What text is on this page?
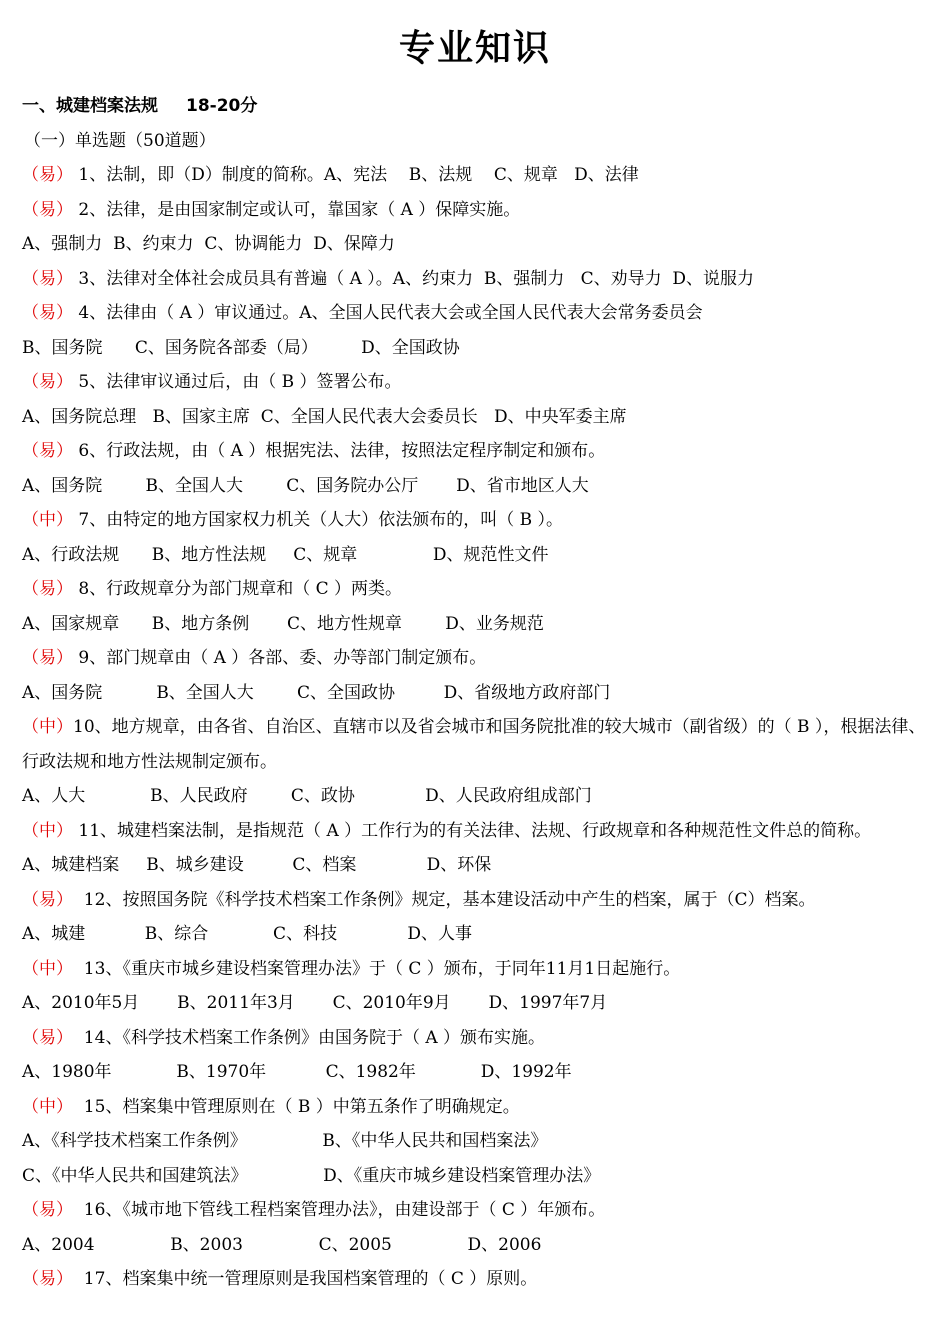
专业知识
一、城建档案法规 18-20分
（一）单选题（50道题）
（易） 1、法制，即（D）制度的简称。A、宪法    B、法规    C、规章   D、法律
（易） 2、法律，是由国家制定或认可，靠国家（ A ）保障实施。
A、强制力  B、约束力  C、协调能力  D、保障力
（易） 3、法律对全体社会成员具有普遍（ A ）。A、约束力  B、强制力   C、劝导力  D、说服力
（易） 4、法律由（ A ）审议通过。A、全国人民代表大会或全国人民代表大会常务委员会
B、国务院      C、国务院各部委（局）        D、全国政协
（易） 5、法律审议通过后，由（ B ）签署公布。
A、国务院总理   B、国家主席  C、全国人民代表大会委员长   D、中央军委主席
（易） 6、行政法规，由（ A ）根据宪法、法律，按照法定程序制定和颁布。
A、国务院        B、全国人大        C、国务院办公厅       D、省市地区人大
（中） 7、由特定的地方国家权力机关（人大）依法颁布的，叫（ B ）。
A、行政法规      B、地方性法规     C、规章              D、规范性文件
（易） 8、行政规章分为部门规章和（ C ）两类。
A、国家规章      B、地方条例       C、地方性规章        D、业务规范
（易） 9、部门规章由（ A ）各部、委、办等部门制定颁布。
A、国务院          B、全国人大        C、全国政协         D、省级地方政府部门
（中）10、地方规章，由各省、自治区、直辖市以及省会城市和国务院批准的较大城市（副省级）的（ B ），根据法律、行政法规和地方性法规制定颁布。
A、人大            B、人民政府        C、政协             D、人民政府组成部门
（中） 11、城建档案法制，是指规范（ A ）工作行为的有关法律、法规、行政规章和各种规范性文件总的简称。
A、城建档案     B、城乡建设         C、档案             D、环保
（易）  12、按照国务院《科学技术档案工作条例》规定，基本建设活动中产生的档案，属于（C）档案。
A、城建           B、综合            C、科技             D、人事
（中）  13、《重庆市城乡建设档案管理办法》于（ C ）颁布，于同年11月1日起施行。
A、2010年5月       B、2011年3月       C、2010年9月       D、1997年7月
（易）  14、《科学技术档案工作条例》由国务院于（ A ）颁布实施。
A、1980年            B、1970年           C、1982年            D、1992年
（中）  15、档案集中管理原则在（ B ）中第五条作了明确规定。
A、《科学技术档案工作条例》              B、《中华人民共和国档案法》
C、《中华人民共和国建筑法》              D、《重庆市城乡建设档案管理办法》
（易）  16、《城市地下管线工程档案管理办法》，由建设部于（ C ）年颁布。
A、2004              B、2003              C、2005              D、2006
（易）  17、档案集中统一管理原则是我国档案管理的（ C ）原则。
